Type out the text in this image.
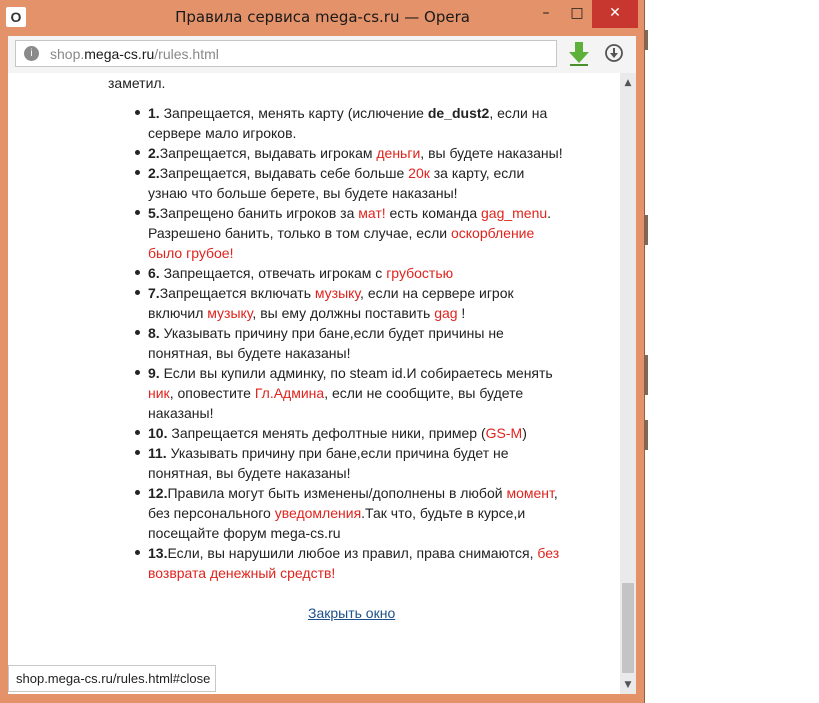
O	Правила сервиса mega-cs.ru — Opera	–	□	✕
i	shop.mega-cs.ru/rules.html
заметил.
1. Запрещается, менять карту (ислючение de_dust2, если на сервере мало игроков.
2.Запрещается, выдавать игрокам деньги, вы будете наказаны!
2.Запрещается, выдавать себе больше 20к за карту, если узнаю что больше берете, вы будете наказаны!
5.Запрещено банить игроков за мат! есть команда gag_menu. Разрешено банить, только в том случае, если оскорбление было грубое!
6. Запрещается, отвечать игрокам с грубостью
7.Запрещается включать музыку, если на сервере игрок включил музыку, вы ему должны поставить gag !
8. Указывать причину при бане,если будет причины не понятная, вы будете наказаны!
9. Если вы купили админку, по steam id.И собираетесь менять ник, оповестите Гл.Админа, если не сообщите, вы будете наказаны!
10. Запрещается менять дефолтные ники, пример (GS-M)
11. Указывать причину при бане,если причина будет не понятная, вы будете наказаны!
12.Правила могут быть изменены/дополнены в любой момент, без персонального уведомления.Так что, будьте в курсе,и посещайте форум mega-cs.ru
13.Если, вы нарушили любое из правил, права снимаются, без возврата денежный средств!
Закрыть окно
▲
▼
shop.mega-cs.ru/rules.html#close
